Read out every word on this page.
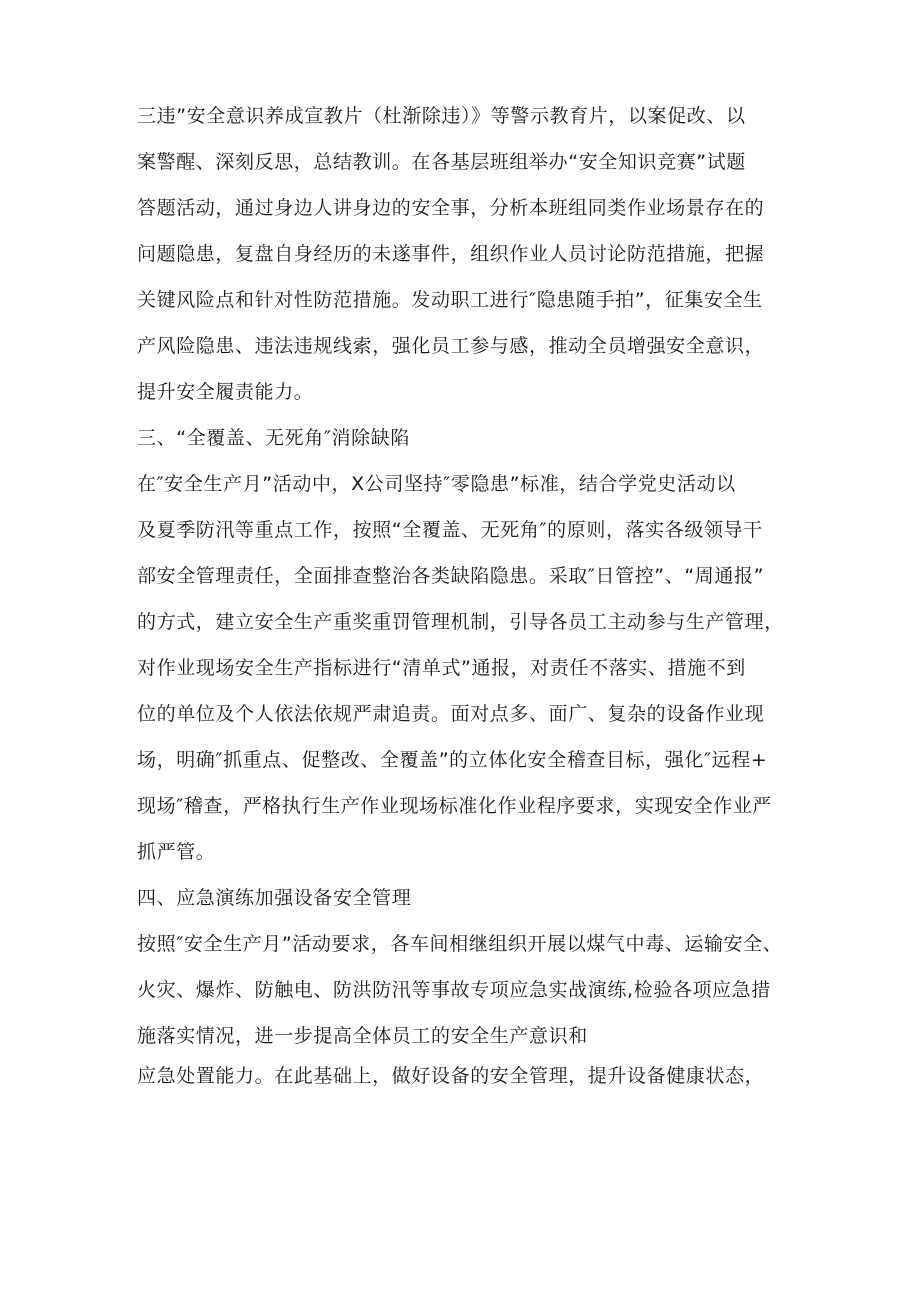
三违”安全意识养成宣教片（杜渐除违）》等警示教育片，以案促改、以

案警醒、深刻反思，总结教训。在各基层班组举办“安全知识竞赛”试题

答题活动，通过身边人讲身边的安全事，分析本班组同类作业场景存在的

问题隐患，复盘自身经历的未遂事件，组织作业人员讨论防范措施，把握

关键风险点和针对性防范措施。发动职工进行″隐患随手拍”，征集安全生

产风险隐患、违法违规线索，强化员工参与感，推动全员增强安全意识，

提升安全履责能力。

三、“全覆盖、无死角″消除缺陷

在″安全生产月”活动中，X公司坚持″零隐患”标准，结合学党史活动以

及夏季防汛等重点工作，按照“全覆盖、无死角″的原则，落实各级领导干

部安全管理责任，全面排查整治各类缺陷隐患。采取″日管控”、“周通报”

的方式，建立安全生产重奖重罚管理机制，引导各员工主动参与生产管理，

对作业现场安全生产指标进行“清单式”通报，对责任不落实、措施不到

位的单位及个人依法依规严肃追责。面对点多、面广、复杂的设备作业现

场，明确″抓重点、促整改、全覆盖”的立体化安全稽查目标，强化″远程+

现场″稽查，严格执行生产作业现场标准化作业程序要求，实现安全作业严

抓严管。

四、应急演练加强设备安全管理

按照″安全生产月”活动要求，各车间相继组织开展以煤气中毒、运输安全、

火灾、爆炸、防触电、防洪防汛等事故专项应急实战演练,检验各项应急措

施落实情况，进一步提高全体员工的安全生产意识和

应急处置能力。在此基础上，做好设备的安全管理，提升设备健康状态，
